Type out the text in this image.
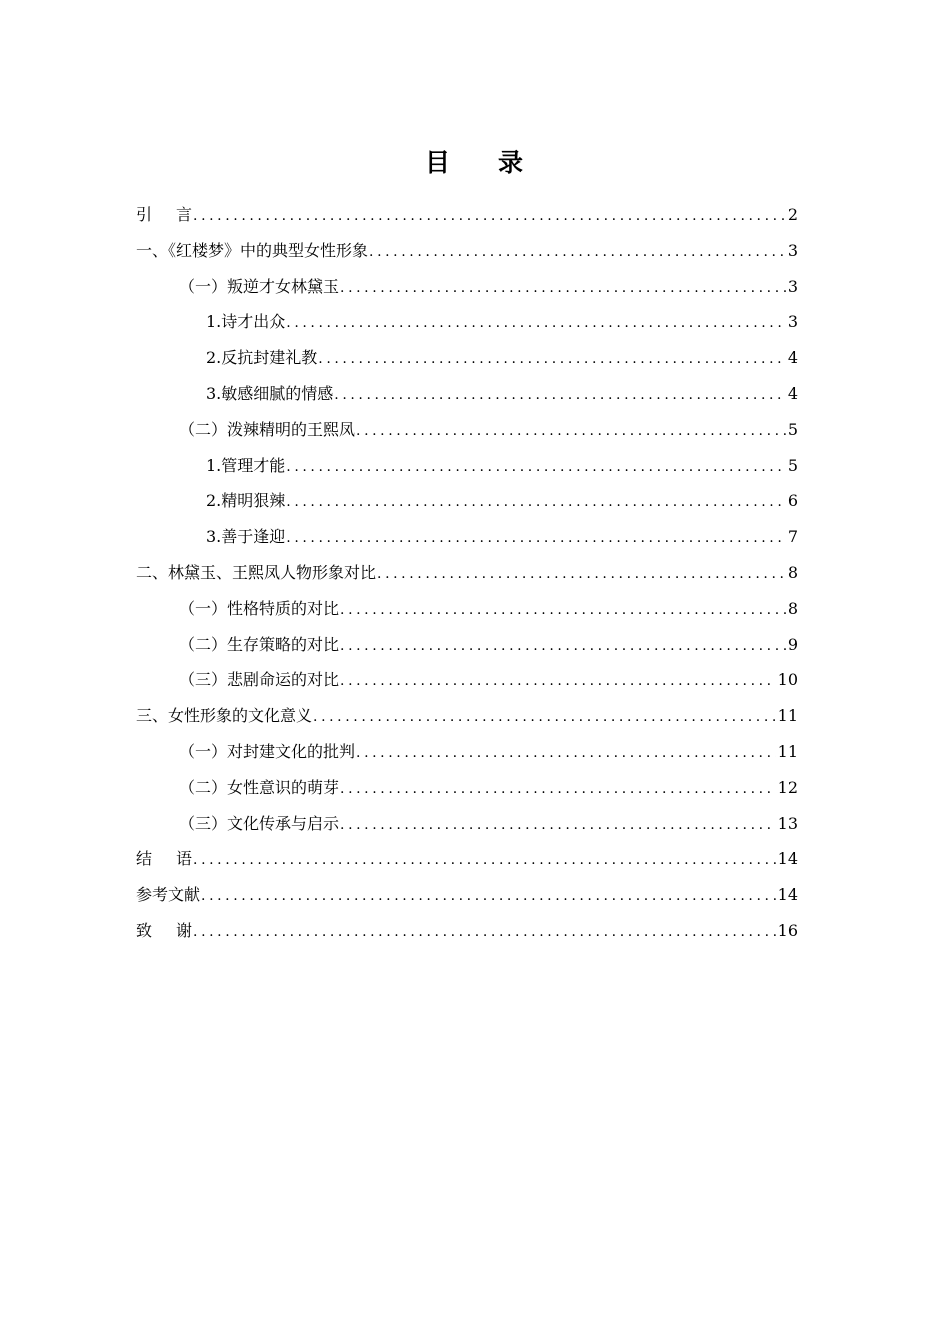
目 录
引 言 .....	2
一、《红楼梦》中的典型女性形象 .....	3
（一）叛逆才女林黛玉 .....	3
1.诗才出众 .....	3
2.反抗封建礼教 .....	4
3.敏感细腻的情感 .....	4
（二）泼辣精明的王熙凤 .....	5
1.管理才能 .....	5
2.精明狠辣 .....	6
3.善于逢迎 .....	7
二、林黛玉、王熙凤人物形象对比 .....	8
（一）性格特质的对比 .....	8
（二）生存策略的对比 .....	9
（三）悲剧命运的对比 .....	10
三、女性形象的文化意义 .....	11
（一）对封建文化的批判 .....	11
（二）女性意识的萌芽 .....	12
（三）文化传承与启示 .....	13
结 语 .....	14
参考文献 .....	14
致 谢 .....	16
